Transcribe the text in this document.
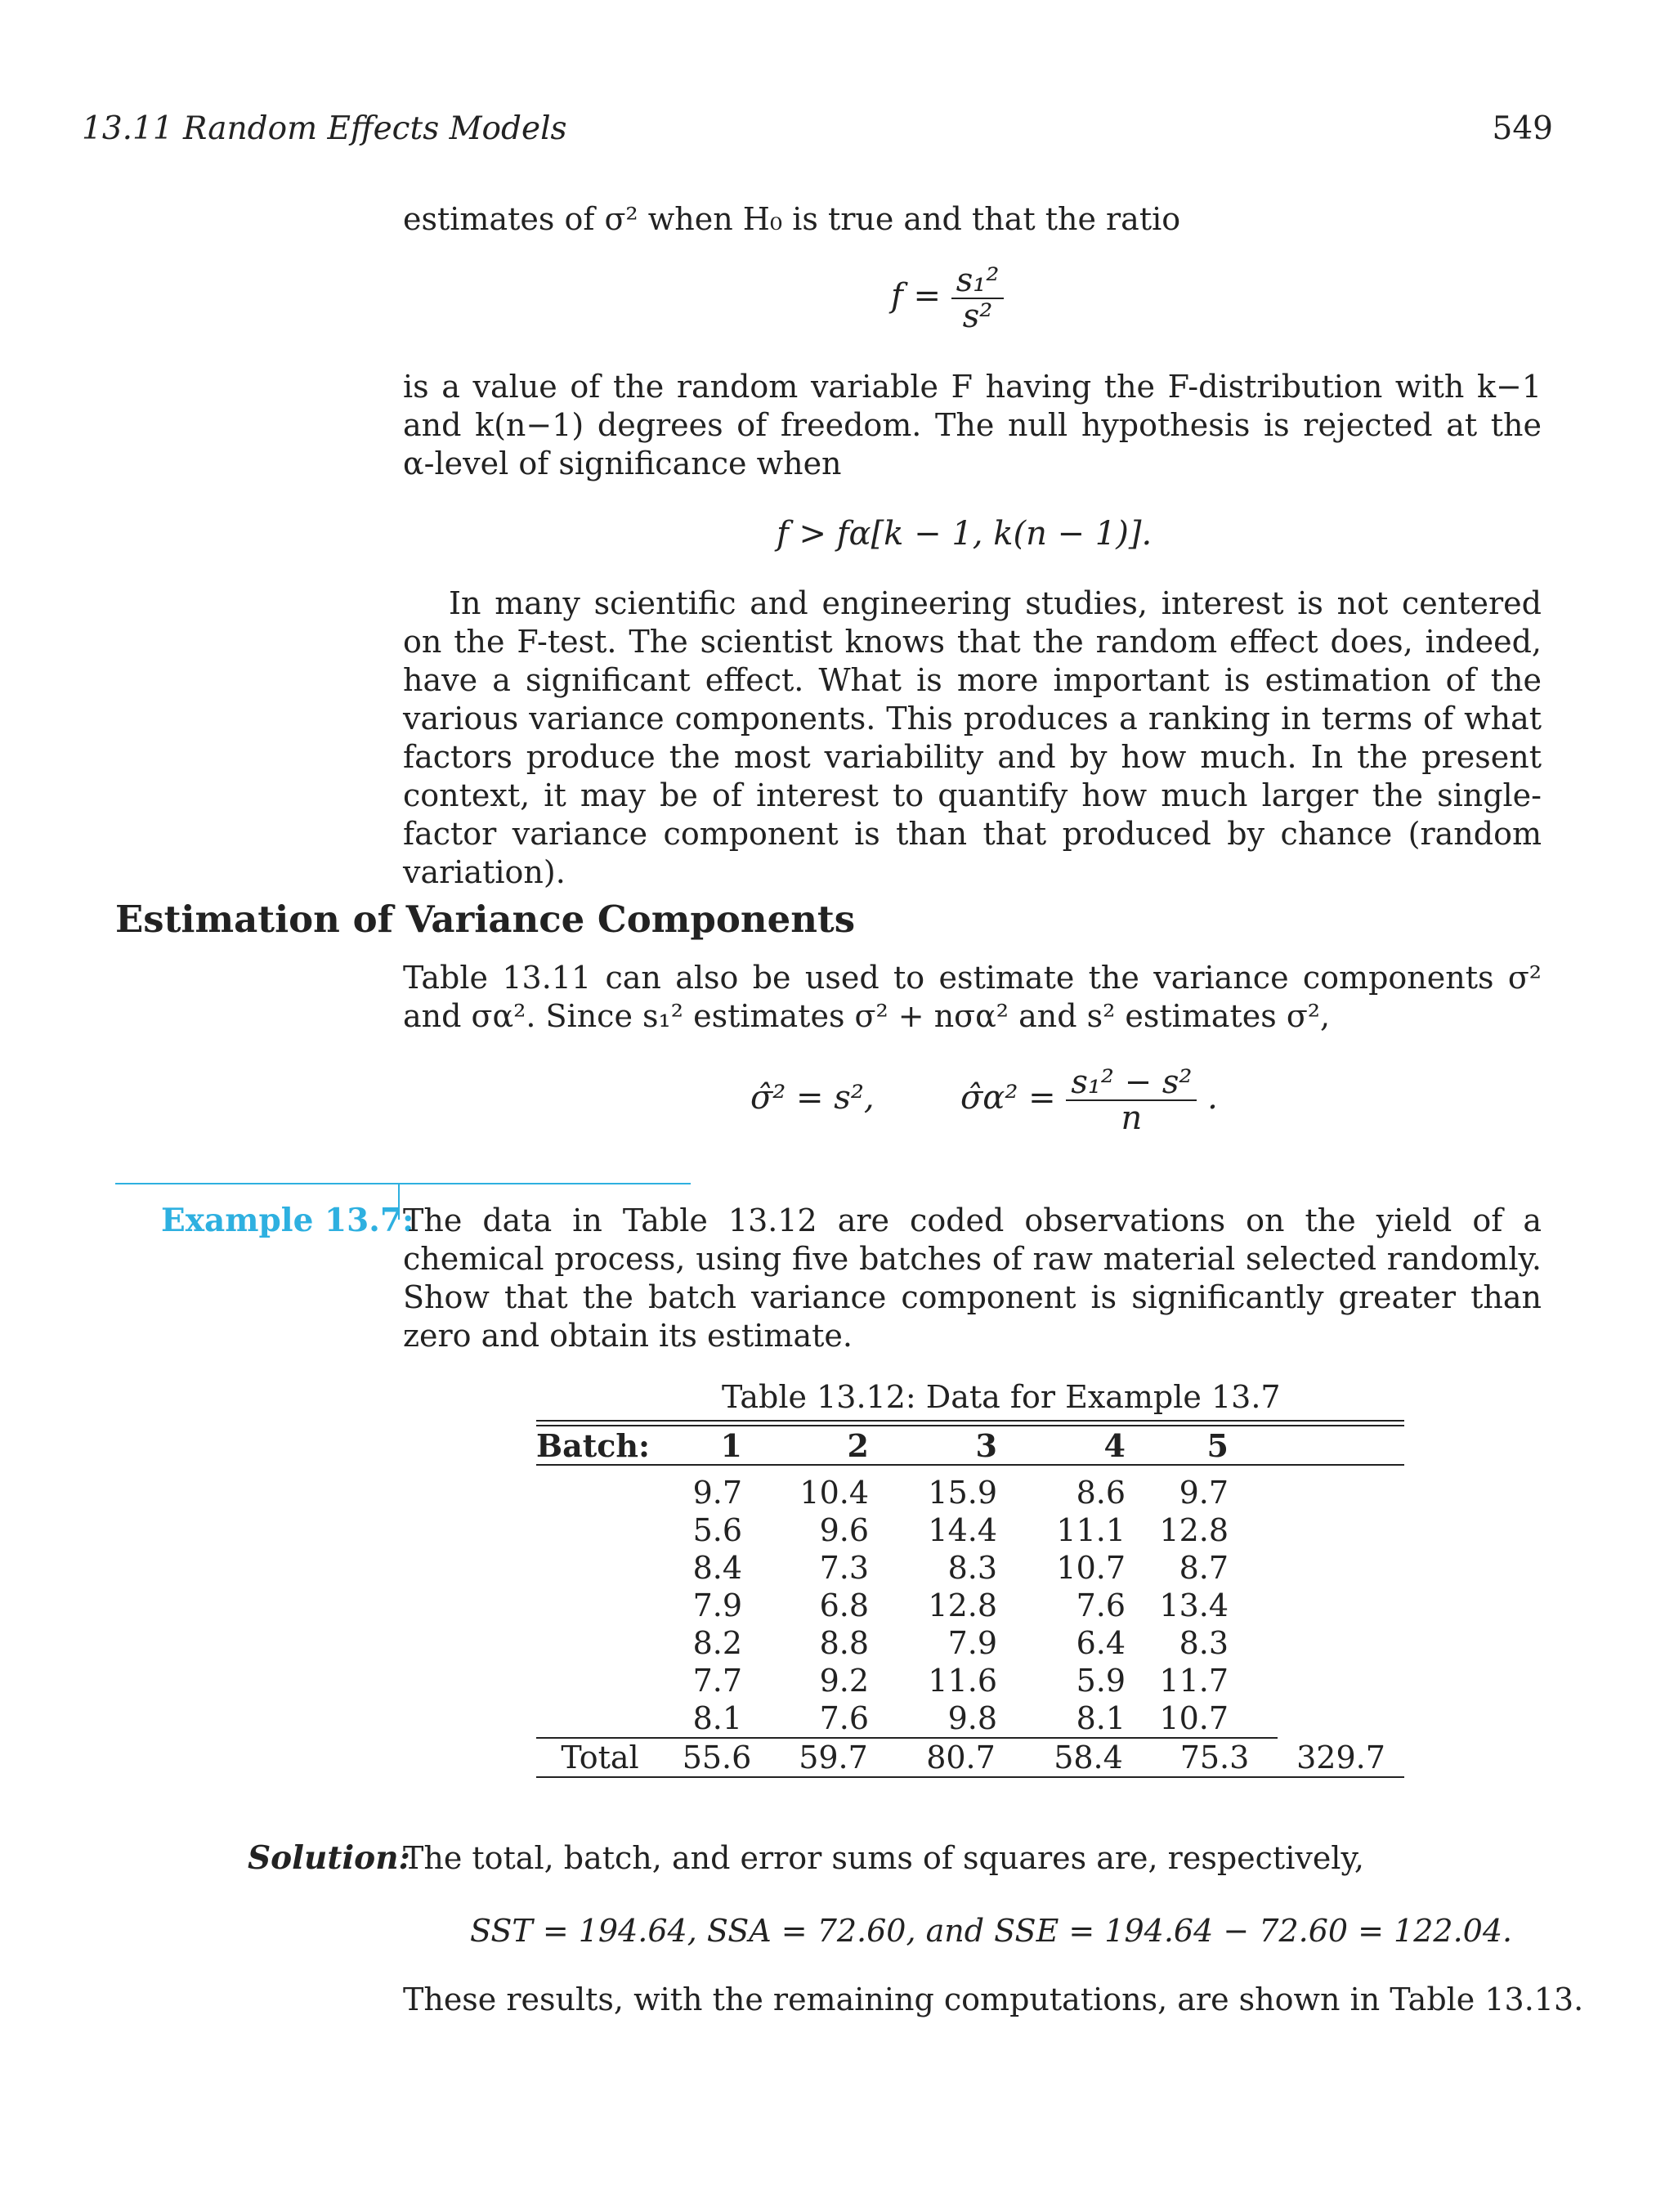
13.11 Random Effects Models	549
estimates of σ² when H₀ is true and that the ratio
$f = \frac{\text{s₁²}}{\text{s²}}$
is a value of the random variable F having the F-distribution with k−1 and k(n−1) degrees of freedom. The null hypothesis is rejected at the α-level of significance when
f > fα[k − 1, k(n − 1)].
In many scientific and engineering studies, interest is not centered on the F-test. The scientist knows that the random effect does, indeed, have a significant effect. What is more important is estimation of the various variance components. This produces a ranking in terms of what factors produce the most variability and by how much. In the present context, it may be of interest to quantify how much larger the single-factor variance component is than that produced by chance (random variation).
Estimation of Variance Components
Table 13.11 can also be used to estimate the variance components σ² and σα². Since s₁² estimates σ² + nσα² and s² estimates σ²,
σ̂² = s²,	σ̂α² = $\frac{\text{s₁² − s²}}{n}$ .
Example 13.7:
The data in Table 13.12 are coded observations on the yield of a chemical process, using five batches of raw material selected randomly. Show that the batch variance component is significantly greater than zero and obtain its estimate.
Table 13.12: Data for Example 13.7

Batch:	1	2	3	4	5	

	9.7	10.4	15.9	8.6	9.7	
	5.6	9.6	14.4	11.1	12.8	
	8.4	7.3	8.3	10.7	8.7	
	7.9	6.8	12.8	7.6	13.4	
	8.2	8.8	7.9	6.4	8.3	
	7.7	9.2	11.6	5.9	11.7	
	8.1	7.6	9.8	8.1	10.7	
Total	55.6	59.7	80.7	58.4	75.3	329.7
Solution:
The total, batch, and error sums of squares are, respectively,
SST = 194.64, SSA = 72.60, and SSE = 194.64 − 72.60 = 122.04.
These results, with the remaining computations, are shown in Table 13.13.
